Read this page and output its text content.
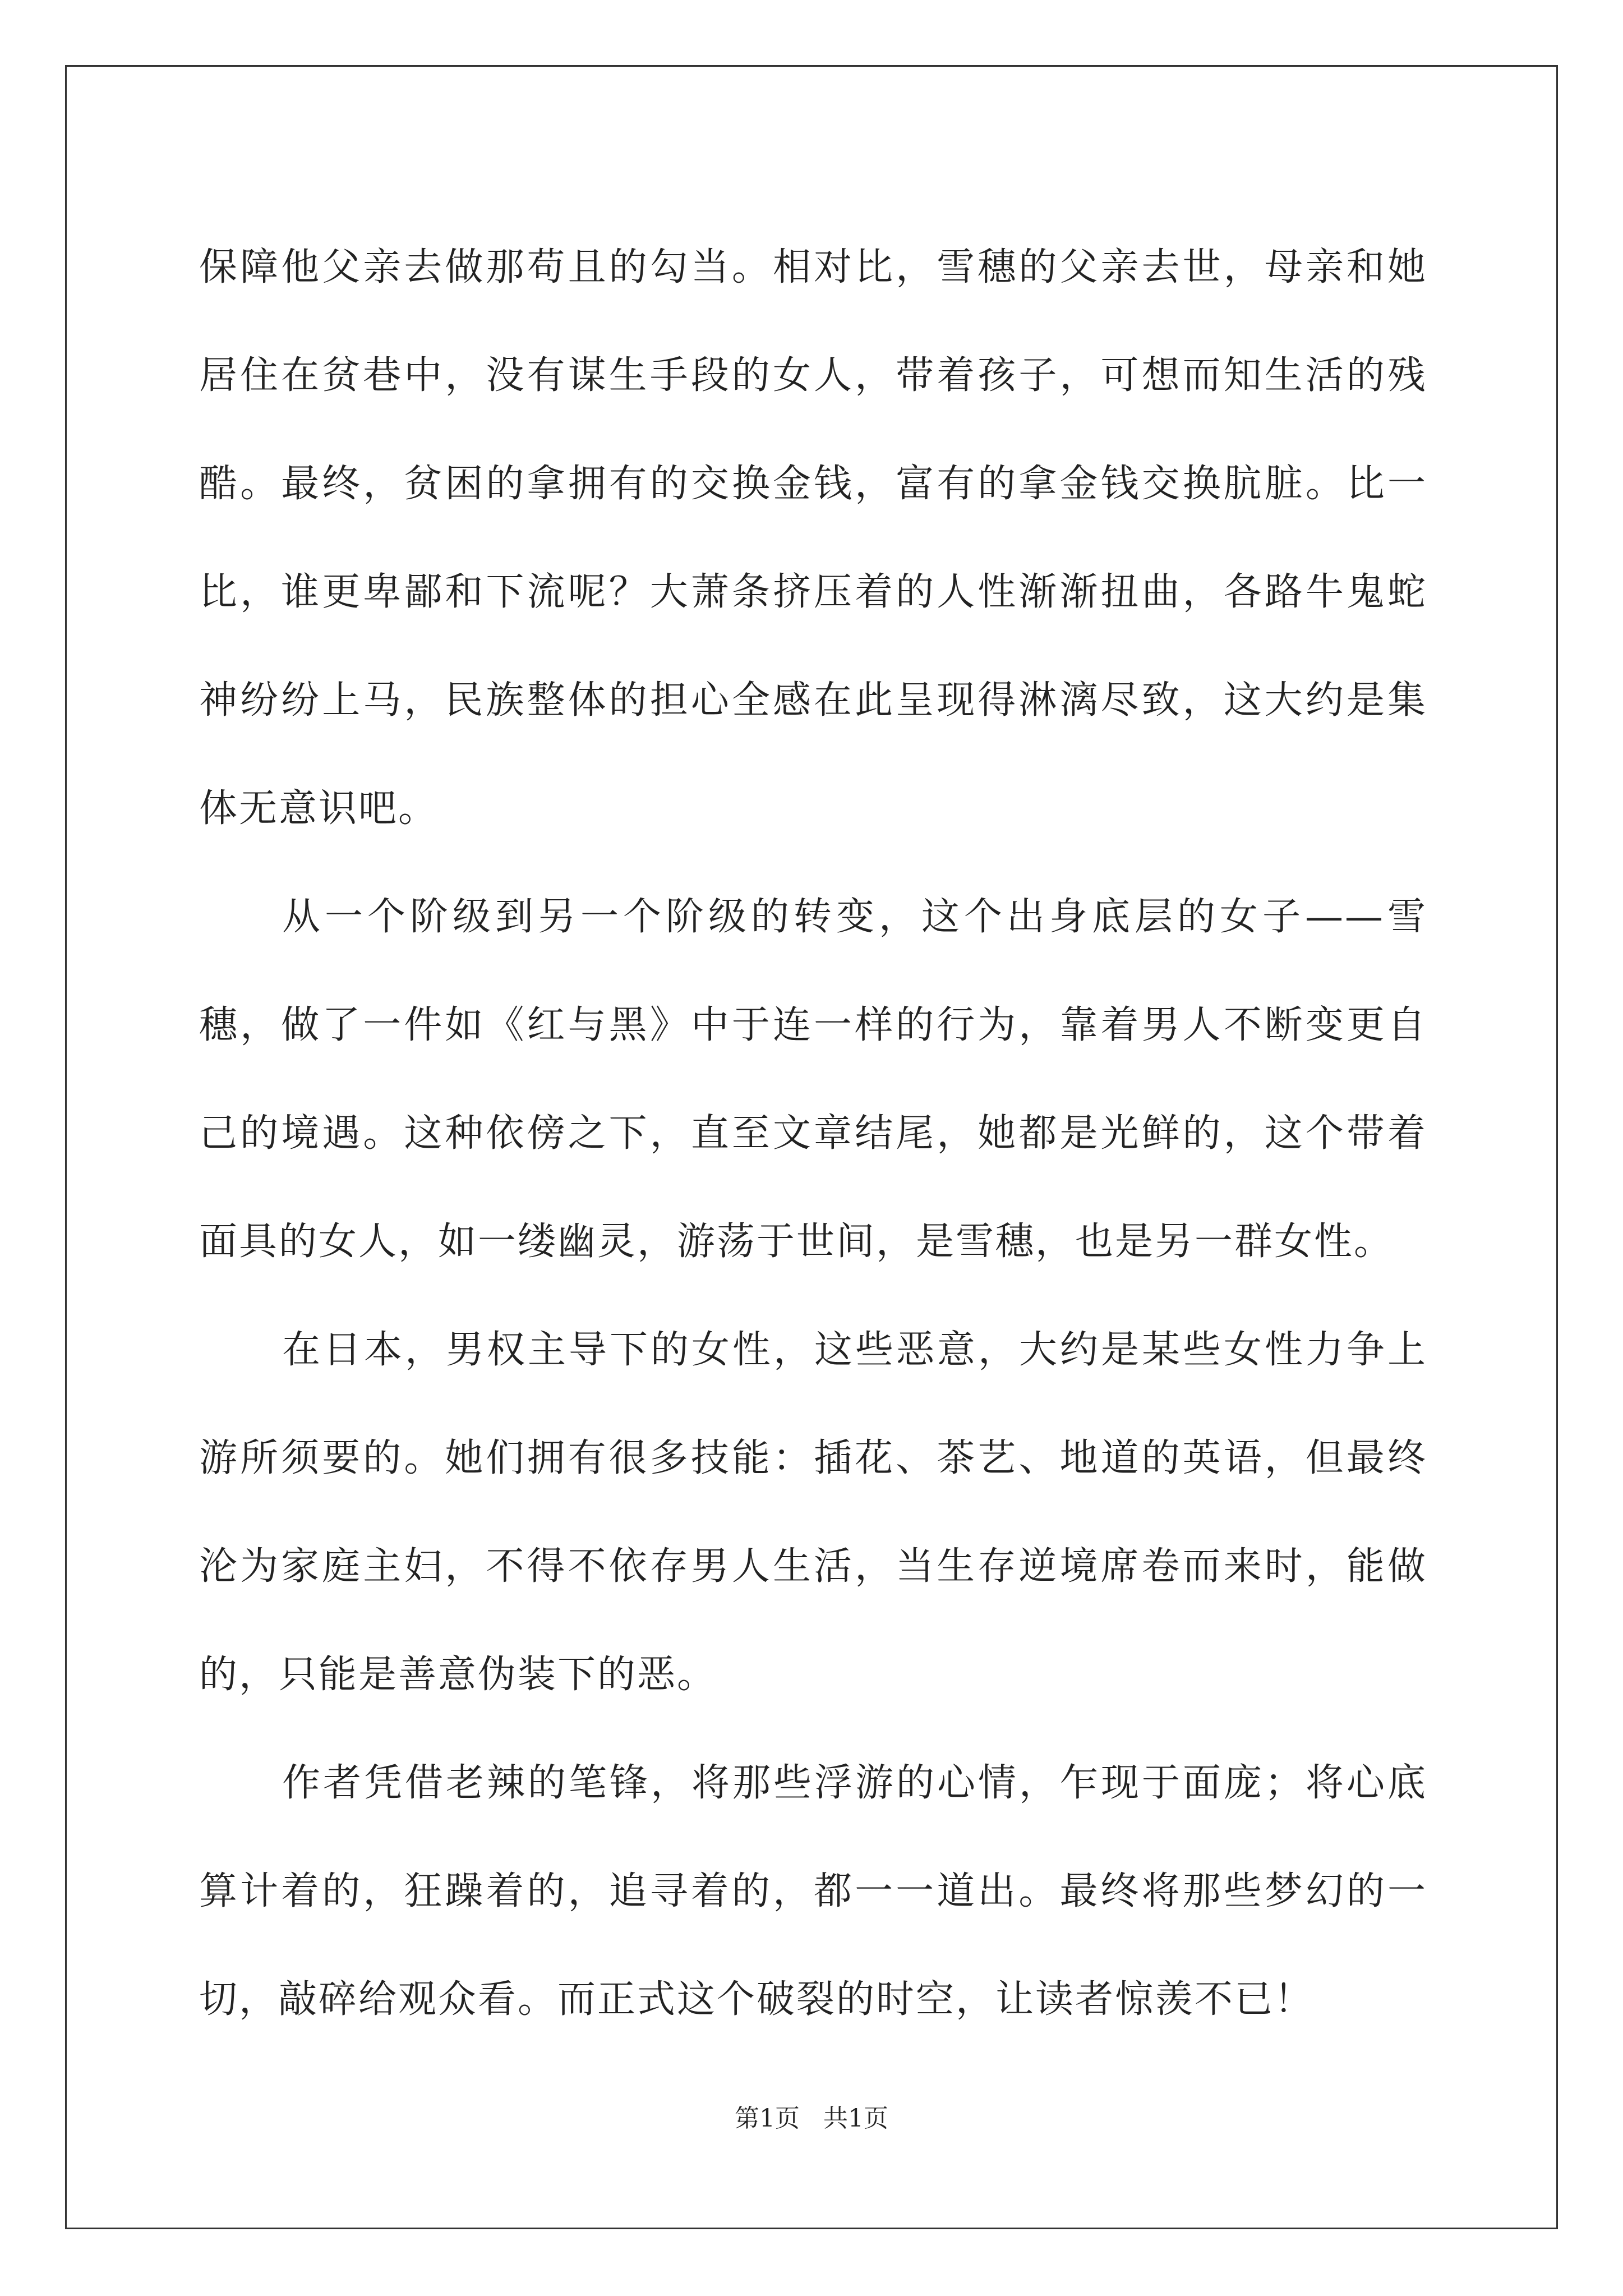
保障他父亲去做那苟且的勾当。相对比，雪穗的父亲去世，母亲和她居住在贫巷中，没有谋生手段的女人，带着孩子，可想而知生活的残酷。最终，贫困的拿拥有的交换金钱，富有的拿金钱交换肮脏。比一比，谁更卑鄙和下流呢？大萧条挤压着的人性渐渐扭曲，各路牛鬼蛇神纷纷上马，民族整体的担心全感在此呈现得淋漓尽致，这大约是集体无意识吧。

从一个阶级到另一个阶级的转变，这个出身底层的女子——雪穗，做了一件如《红与黑》中于连一样的行为，靠着男人不断变更自己的境遇。这种依傍之下，直至文章结尾，她都是光鲜的，这个带着面具的女人，如一缕幽灵，游荡于世间，是雪穗，也是另一群女性。

在日本，男权主导下的女性，这些恶意，大约是某些女性力争上游所须要的。她们拥有很多技能：插花、茶艺、地道的英语，但最终沦为家庭主妇，不得不依存男人生活，当生存逆境席卷而来时，能做的，只能是善意伪装下的恶。

作者凭借老辣的笔锋，将那些浮游的心情，乍现于面庞；将心底算计着的，狂躁着的，追寻着的，都一一道出。最终将那些梦幻的一切，敲碎给观众看。而正式这个破裂的时空，让读者惊羡不已！

第1页   共1页
